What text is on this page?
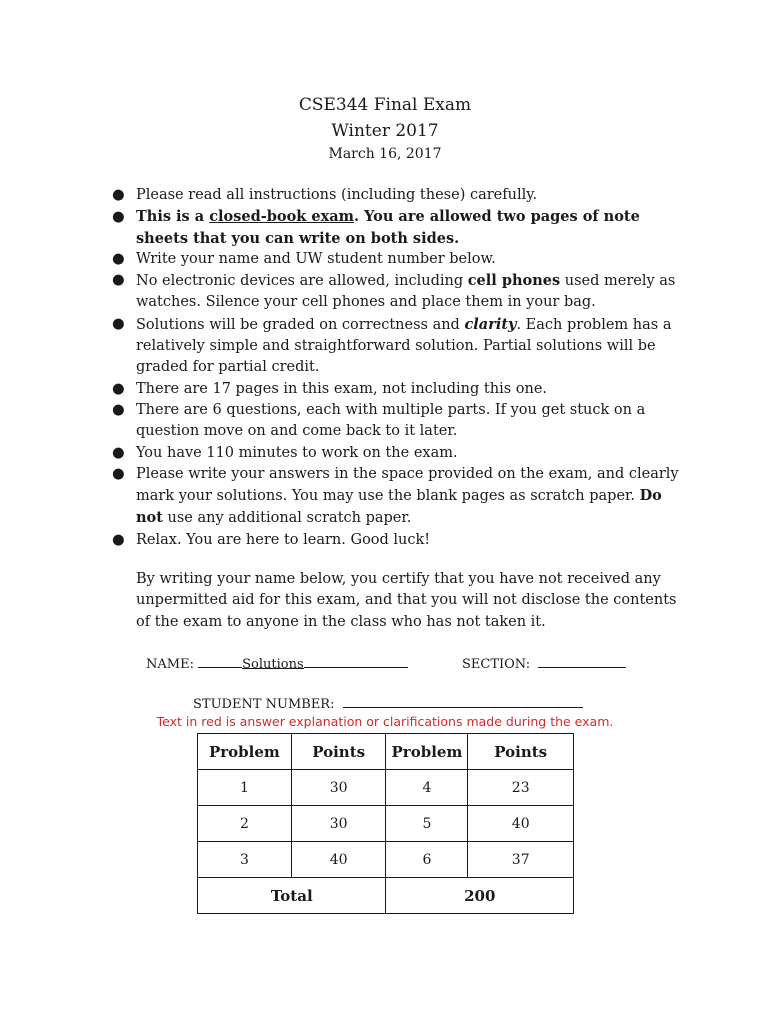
CSE344 Final Exam
Winter 2017
March 16, 2017
● Please read all instructions (including these) carefully.
● This is a closed-book exam. You are allowed two pages of note sheets that you can write on both sides.
● Write your name and UW student number below.
● No electronic devices are allowed, including cell phones used merely as watches. Silence your cell phones and place them in your bag.
● Solutions will be graded on correctness and clarity. Each problem has a relatively simple and straightforward solution. Partial solutions will be graded for partial credit.
● There are 17 pages in this exam, not including this one.
● There are 6 questions, each with multiple parts. If you get stuck on a question move on and come back to it later.
● You have 110 minutes to work on the exam.
● Please write your answers in the space provided on the exam, and clearly mark your solutions. You may use the blank pages as scratch paper. Do not use any additional scratch paper.
● Relax. You are here to learn. Good luck!
By writing your name below, you certify that you have not received any unpermitted aid for this exam, and that you will not disclose the contents of the exam to anyone in the class who has not taken it.
NAME:	Solutions	SECTION:
STUDENT NUMBER:
Text in red is answer explanation or clarifications made during the exam.
Problem	Points	Problem	Points
1	30	4	23
2	30	5	40
3	40	6	37
Total		200	
